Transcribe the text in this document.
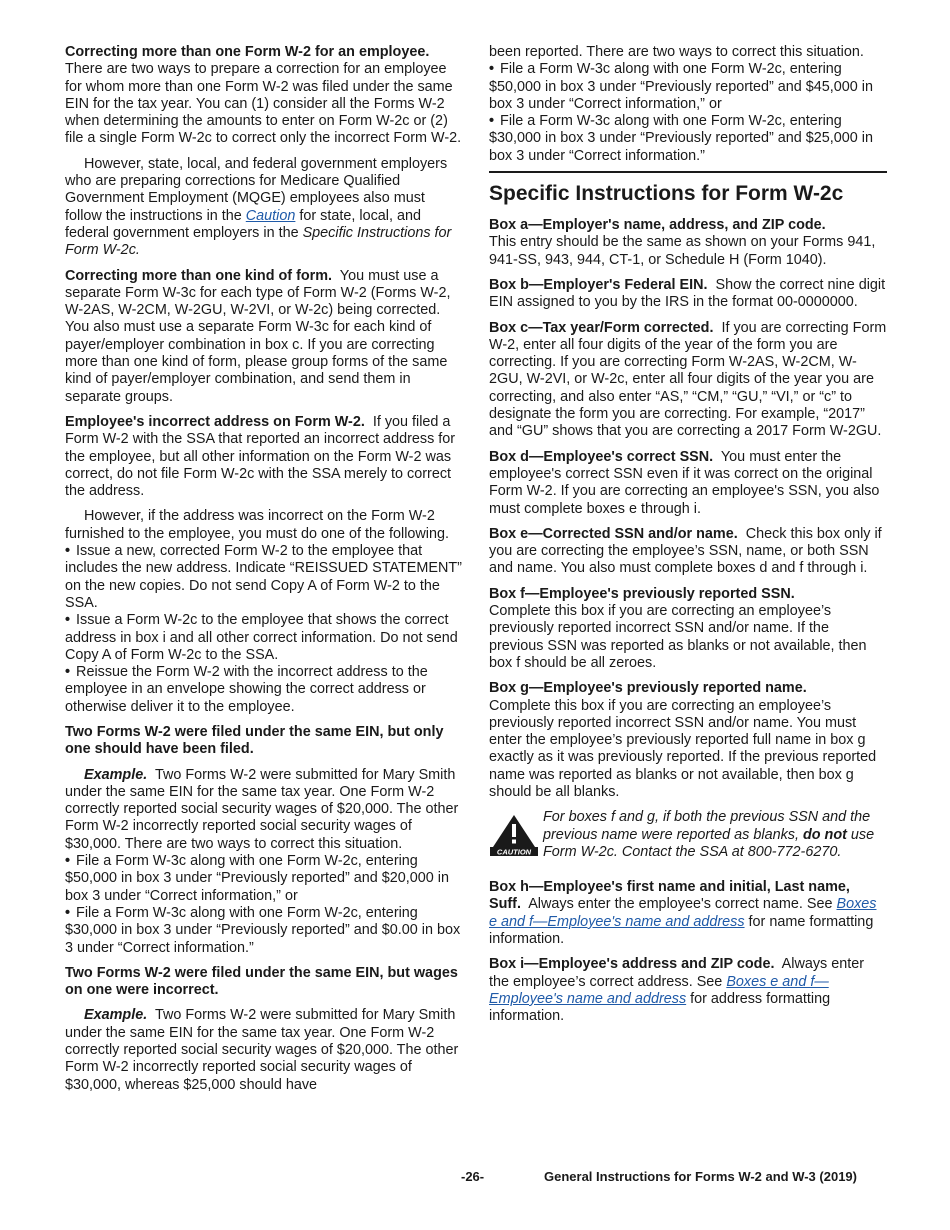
Correcting more than one Form W-2 for an employee.
There are two ways to prepare a correction for an employee for whom more than one Form W-2 was filed under the same EIN for the tax year. You can (1) consider all the Forms W-2 when determining the amounts to enter on Form W-2c or (2) file a single Form W-2c to correct only the incorrect Form W-2.

However, state, local, and federal government employers who are preparing corrections for Medicare Qualified Government Employment (MQGE) employees also must follow the instructions in the Caution for state, local, and federal government employers in the Specific Instructions for Form W-2c.

Correcting more than one kind of form. You must use a separate Form W-3c for each type of Form W-2 (Forms W-2, W-2AS, W-2CM, W-2GU, W-2VI, or W-2c) being corrected. You also must use a separate Form W-3c for each kind of payer/employer combination in box c. If you are correcting more than one kind of form, please group forms of the same kind of payer/employer combination, and send them in separate groups.

Employee's incorrect address on Form W-2. If you filed a Form W-2 with the SSA that reported an incorrect address for the employee, but all other information on the Form W-2 was correct, do not file Form W-2c with the SSA merely to correct the address.

However, if the address was incorrect on the Form W-2 furnished to the employee, you must do one of the following.

• Issue a new, corrected Form W-2 to the employee that includes the new address. Indicate “REISSUED STATEMENT” on the new copies. Do not send Copy A of Form W-2 to the SSA.

• Issue a Form W-2c to the employee that shows the correct address in box i and all other correct information. Do not send Copy A of Form W-2c to the SSA.

• Reissue the Form W-2 with the incorrect address to the employee in an envelope showing the correct address or otherwise deliver it to the employee.

Two Forms W-2 were filed under the same EIN, but only one should have been filed.

Example. Two Forms W-2 were submitted for Mary Smith under the same EIN for the same tax year. One Form W-2 correctly reported social security wages of $20,000. The other Form W-2 incorrectly reported social security wages of $30,000. There are two ways to correct this situation.

• File a Form W-3c along with one Form W-2c, entering $50,000 in box 3 under “Previously reported” and $20,000 in box 3 under “Correct information,” or

• File a Form W-3c along with one Form W-2c, entering $30,000 in box 3 under “Previously reported” and $0.00 in box 3 under “Correct information.”

Two Forms W-2 were filed under the same EIN, but wages on one were incorrect.

Example. Two Forms W-2 were submitted for Mary Smith under the same EIN for the same tax year. One Form W-2 correctly reported social security wages of $20,000. The other Form W-2 incorrectly reported social security wages of $30,000, whereas $25,000 should have

been reported. There are two ways to correct this situation.

• File a Form W-3c along with one Form W-2c, entering $50,000 in box 3 under “Previously reported” and $45,000 in box 3 under “Correct information,” or

• File a Form W-3c along with one Form W-2c, entering $30,000 in box 3 under “Previously reported” and $25,000 in box 3 under “Correct information.”

Specific Instructions for Form W-2c

Box a—Employer's name, address, and ZIP code.
This entry should be the same as shown on your Forms 941, 941-SS, 943, 944, CT-1, or Schedule H (Form 1040).

Box b—Employer's Federal EIN. Show the correct nine digit EIN assigned to you by the IRS in the format 00-0000000.

Box c—Tax year/Form corrected. If you are correcting Form W-2, enter all four digits of the year of the form you are correcting. If you are correcting Form W-2AS, W-2CM, W-2GU, W-2VI, or W-2c, enter all four digits of the year you are correcting, and also enter “AS,” “CM,” “GU,” “VI,” or “c” to designate the form you are correcting. For example, “2017” and “GU” shows that you are correcting a 2017 Form W-2GU.

Box d—Employee's correct SSN. You must enter the employee's correct SSN even if it was correct on the original Form W-2. If you are correcting an employee's SSN, you also must complete boxes e through i.

Box e—Corrected SSN and/or name. Check this box only if you are correcting the employee’s SSN, name, or both SSN and name. You also must complete boxes d and f through i.

Box f—Employee's previously reported SSN.
Complete this box if you are correcting an employee’s previously reported incorrect SSN and/or name. If the previous SSN was reported as blanks or not available, then box f should be all zeroes.

Box g—Employee's previously reported name.
Complete this box if you are correcting an employee’s previously reported incorrect SSN and/or name. You must enter the employee’s previously reported full name in box g exactly as it was previously reported. If the previous reported name was reported as blanks or not available, then box g should be all blanks.

CAUTION
For boxes f and g, if both the previous SSN and the previous name were reported as blanks, do not use Form W-2c. Contact the SSA at 800-772-6270.

Box h—Employee's first name and initial, Last name, Suff. Always enter the employee's correct name. See Boxes e and f—Employee's name and address for name formatting information.

Box i—Employee's address and ZIP code. Always enter the employee’s correct address. See Boxes e and f—Employee's name and address for address formatting information.

-26-	General Instructions for Forms W-2 and W-3 (2019)
